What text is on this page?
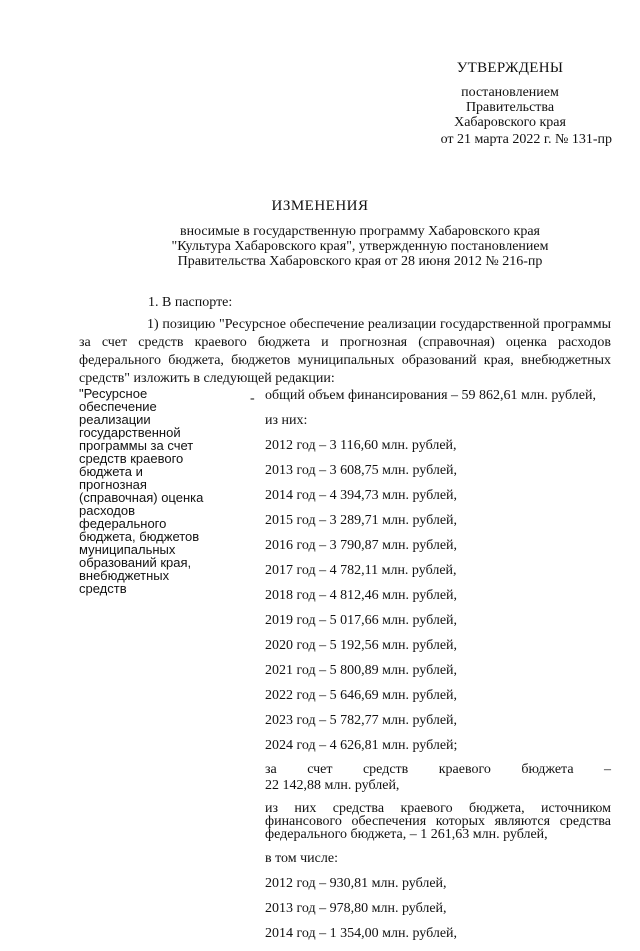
УТВЕРЖДЕНЫ
постановлением
Правительства
Хабаровского края
от 21 марта 2022 г. № 131-пр
ИЗМЕНЕНИЯ
вносимые в государственную программу Хабаровского края
"Культура Хабаровского края", утвержденную постановлением
Правительства Хабаровского края от 28 июня 2012 № 216-пр
1. В паспорте:
1) позицию "Ресурсное обеспечение реализации государственной программы за счет средств краевого бюджета и прогнозная (справочная) оценка расходов федерального бюджета, бюджетов муниципальных образований края, внебюджетных средств" изложить в следующей редакции:
"Ресурсное
обеспечение
реализации
государственной
программы за счет
средств краевого
бюджета и
прогнозная
(справочная) оценка
расходов
федерального
бюджета, бюджетов
муниципальных
образований края,
внебюджетных
средств
- общий объем финансирования – 59 862,61 млн. рублей,
из них:
2012 год – 3 116,60 млн. рублей,
2013 год – 3 608,75 млн. рублей,
2014 год – 4 394,73 млн. рублей,
2015 год – 3 289,71 млн. рублей,
2016 год – 3 790,87 млн. рублей,
2017 год – 4 782,11 млн. рублей,
2018 год – 4 812,46 млн. рублей,
2019 год – 5 017,66 млн. рублей,
2020 год – 5 192,56 млн. рублей,
2021 год – 5 800,89 млн. рублей,
2022 год – 5 646,69 млн. рублей,
2023 год – 5 782,77 млн. рублей,
2024 год – 4 626,81 млн. рублей;
за счет средств краевого бюджета –
22 142,88 млн. рублей,
из них средства краевого бюджета, источником финансового обеспечения которых являются средства федерального бюджета, – 1 261,63 млн. рублей,
в том числе:
2012 год – 930,81 млн. рублей,
2013 год – 978,80 млн. рублей,
2014 год – 1 354,00 млн. рублей,
